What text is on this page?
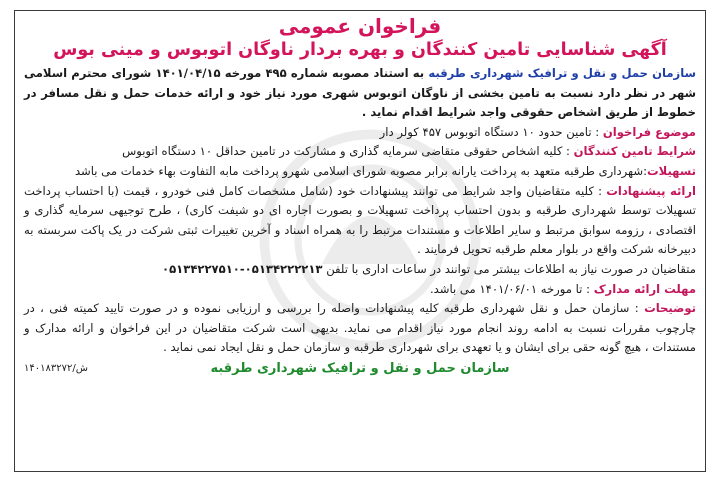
فراخوان عمومی
آگهی شناسایی تامین کنندگان و بهره بردار ناوگان اتوبوس و مینی بوس

سازمان حمل و نقل و ترافیک شهرداری طرقبه به استناد مصوبه شماره ۴۹۵ مورخه ۱۴۰۱/۰۴/۱۵ شورای محترم اسلامی شهر در نظر دارد نسبت به تامین بخشی از ناوگان اتوبوس شهری مورد نیاز خود و ارائه خدمات حمل و نقل مسافر در خطوط از طریق اشخاص حقوقی واجد شرایط اقدام نماید .

موضوع فراخوان : تامین حدود ۱۰ دستگاه اتوبوس ۴۵۷ کولر دار

شرایط تامین کنندگان : کلیه اشخاص حقوقی متقاضی سرمایه گذاری و مشارکت در تامین حداقل ۱۰ دستگاه اتوبوس

تسهیلات:شهرداری طرقبه متعهد به پرداخت یارانه برابر مصوبه شورای اسلامی شهرو پرداخت مابه التفاوت بهاء خدمات می باشد

ارائه پیشنهادات : کلیه متقاضیان واجد شرایط می توانند پیشنهادات خود (شامل مشخصات کامل فنی خودرو ، قیمت (با احتساب پرداخت تسهیلات توسط شهرداری طرقبه و بدون احتساب پرداخت تسهیلات و بصورت اجاره ای دو شیفت کاری) ، طرح توجیهی سرمایه گذاری و اقتصادی ، رزومه سوابق مرتبط و سایر اطلاعات و مستندات مرتبط را به همراه اسناد و آخرین تغییرات ثبتی شرکت در یک پاکت سربسته به دبیرخانه شرکت واقع در بلوار معلم طرقبه تحویل فرمایند .

متقاضیان در صورت نیاز به اطلاعات بیشتر می توانند در ساعات اداری با تلفن ۰۵۱۳۴۲۲۷۵۱۰-۰۵۱۳۴۲۲۲۲۱۳

مهلت ارائه مدارک : تا مورخه ۱۴۰۱/۰۶/۰۱ می باشد.

توضیحات : سازمان حمل و نقل شهرداری طرقبه کلیه پیشنهادات واصله را بررسی و ارزیابی نموده و در صورت تایید کمیته فنی ، در چارچوب مقررات نسبت به ادامه روند انجام مورد نیاز اقدام می نماید. بدیهی است شرکت متقاضیان در این فراخوان و ارائه مدارک و مستندات ، هیچ گونه حقی برای ایشان و یا تعهدی برای شهرداری طرقبه و سازمان حمل و نقل ایجاد نمی نماید .

سازمان حمل و نقل و ترافیک شهرداری طرقبه
۱۴۰۱۸۳۲۷۲/ش
